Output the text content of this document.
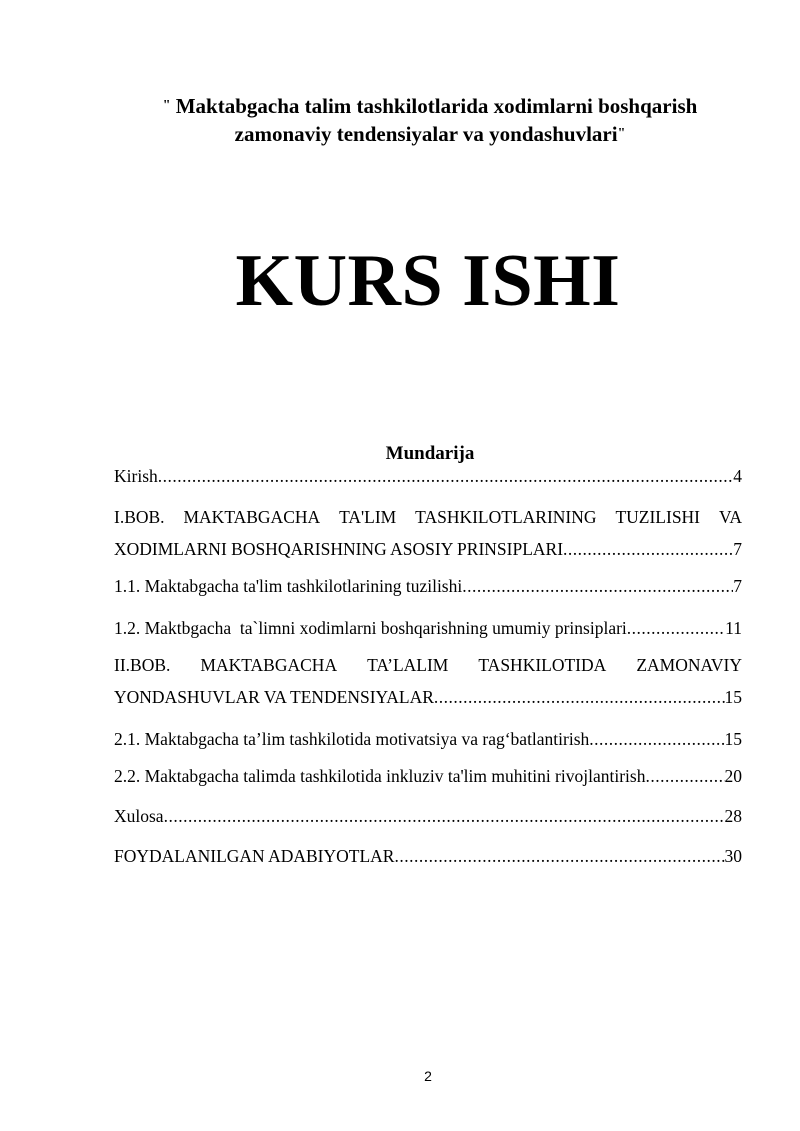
" Maktabgacha talim tashkilotlarida xodimlarni boshqarish
zamonaviy tendensiyalar va yondashuvlari"
KURS ISHI
Mundarija
Kirish .....	4
I.BOB. MAKTABGACHA TA'LIM TASHKILOTLARINING TUZILISHI VA
XODIMLARNI BOSHQARISHNING ASOSIY PRINSIPLARI .....	7
1.1. Maktabgacha ta'lim tashkilotlarining tuzilishi .....	7
1.2. Maktbgacha  ta`limni xodimlarni boshqarishning umumiy prinsiplari .....	11
II.BOB. MAKTABGACHA TA’LALIM TASHKILOTIDA ZAMONAVIY
YONDASHUVLAR VA TENDENSIYALAR .....	15
2.1. Maktabgacha ta’lim tashkilotida motivatsiya va rag‘batlantirish .....	15
2.2. Maktabgacha talimda tashkilotida inkluziv ta'lim muhitini rivojlantirish .....	20
Xulosa .....	28
FOYDALANILGAN ADABIYOTLAR .....	30
2
